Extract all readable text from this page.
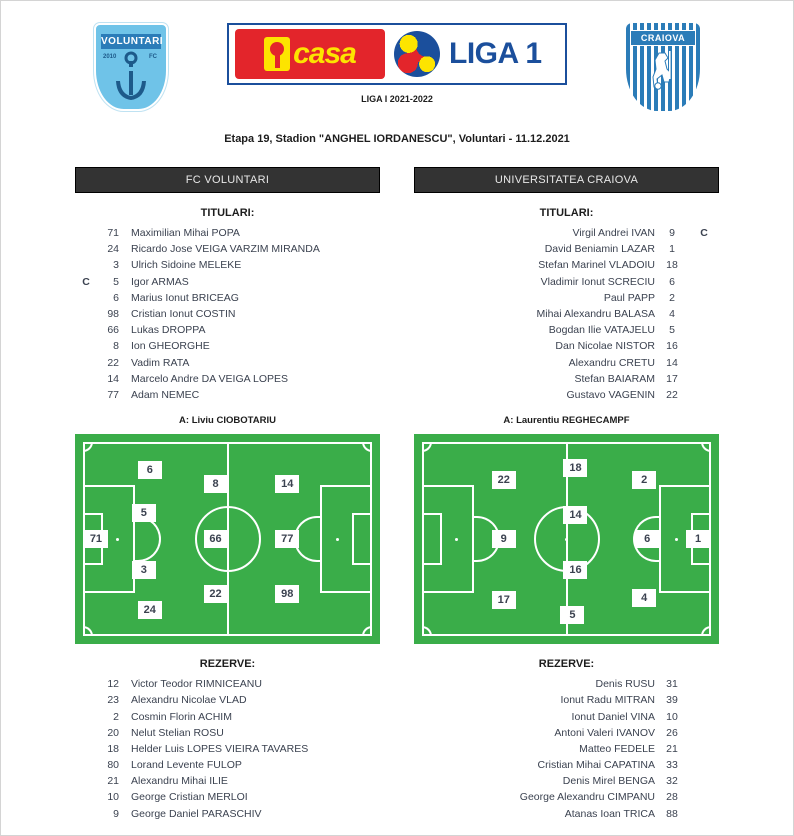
VOLUNTARI
2010	FC	casa	LIGA 1
LIGA I 2021-2022
CRAIOVA
Etapa 19, Stadion "ANGHEL IORDANESCU", Voluntari - 11.12.2021
FC VOLUNTARI
TITULARI:
	71	Maximilian Mihai POPA
	24	Ricardo Jose VEIGA VARZIM MIRANDA
	3	Ulrich Sidoine MELEKE
C	5	Igor ARMAS
	6	Marius Ionut BRICEAG
	98	Cristian Ionut COSTIN
	66	Lukas DROPPA
	8	Ion GHEORGHE
	22	Vadim RATA
	14	Marcelo Andre DA VEIGA LOPES
	77	Adam NEMEC
A: Liviu CIOBOTARIU
71
6
5
3
24
8
66
22
14
77
98
REZERVE:
	12	Victor Teodor RIMNICEANU
	23	Alexandru Nicolae VLAD
	2	Cosmin Florin ACHIM
	20	Nelut Stelian ROSU
	18	Helder Luis LOPES VIEIRA TAVARES
	80	Lorand Levente FULOP
	21	Alexandru Mihai ILIE
	10	George Cristian MERLOI
	9	George Daniel PARASCHIV
UNIVERSITATEA CRAIOVA
TITULARI:
Virgil Andrei IVAN	9	C
David Beniamin LAZAR	1	
Stefan Marinel VLADOIU	18	
Vladimir Ionut SCRECIU	6	
Paul PAPP	2	
Mihai Alexandru BALASA	4	
Bogdan Ilie VATAJELU	5	
Dan Nicolae NISTOR	16	
Alexandru CRETU	14	
Stefan BAIARAM	17	
Gustavo VAGENIN	22	
A: Laurentiu REGHECAMPF
1
6
2
4
18
14
16
5
22
9
17
REZERVE:
Denis RUSU	31	
Ionut Radu MITRAN	39	
Ionut Daniel VINA	10	
Antoni Valeri IVANOV	26	
Matteo FEDELE	21	
Cristian Mihai CAPATINA	33	
Denis Mirel BENGA	32	
George Alexandru CIMPANU	28	
Atanas Ioan TRICA	88	
